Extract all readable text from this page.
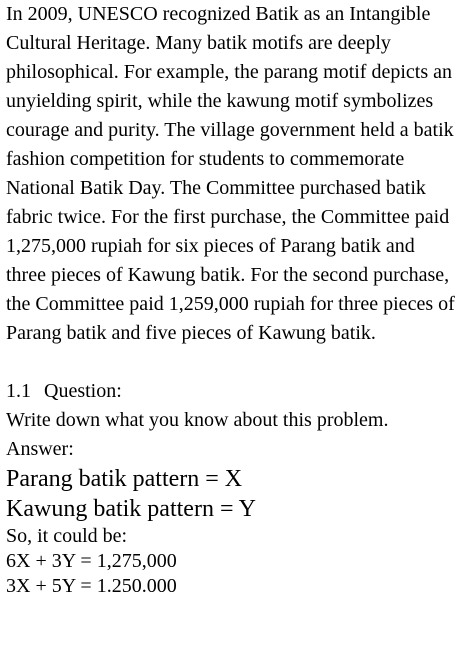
In 2009, UNESCO recognized Batik as an Intangible Cultural Heritage. Many batik motifs are deeply philosophical. For example, the parang motif depicts an unyielding spirit, while the kawung motif symbolizes courage and purity. The village government held a batik fashion competition for students to commemorate National Batik Day. The Committee purchased batik fabric twice. For the first purchase, the Committee paid 1,275,000 rupiah for six pieces of Parang batik and three pieces of Kawung batik. For the second purchase, the Committee paid 1,259,000 rupiah for three pieces of Parang batik and five pieces of Kawung batik.

1.1 Question:

Write down what you know about this problem.

Answer:

Parang batik pattern = X

Kawung batik pattern = Y

So, it could be:

6X + 3Y = 1,275,000

3X + 5Y = 1.250.000
